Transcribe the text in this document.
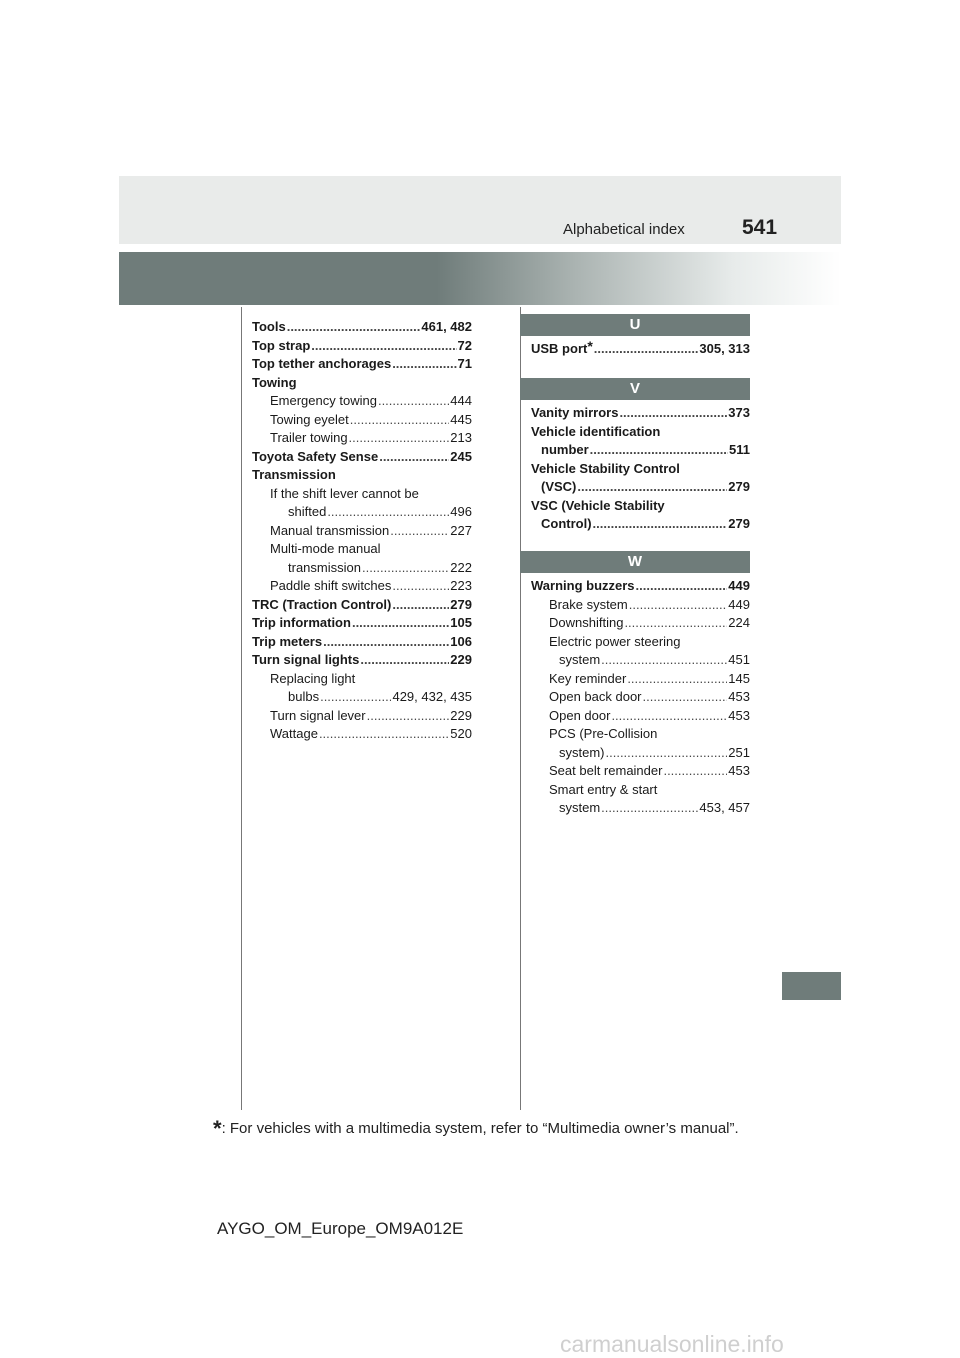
Alphabetical index	541
Tools .....	461, 482
Top strap .....	72
Top tether anchorages .....	71
Towing
Emergency towing .....	444
Towing eyelet .....	445
Trailer towing .....	213
Toyota Safety Sense .....	245
Transmission
If the shift lever cannot be
shifted .....	496
Manual transmission .....	227
Multi-mode manual
transmission .....	222
Paddle shift switches .....	223
TRC (Traction Control) .....	279
Trip information .....	105
Trip meters .....	106
Turn signal lights .....	229
Replacing light
bulbs .....	429, 432, 435
Turn signal lever .....	229
Wattage .....	520
U
USB port* .....	305, 313
V
Vanity mirrors .....	373
Vehicle identification
number .....	511
Vehicle Stability Control
(VSC) .....	279
VSC (Vehicle Stability
Control) .....	279
W
Warning buzzers .....	449
Brake system .....	449
Downshifting .....	224
Electric power steering
system .....	451
Key reminder .....	145
Open back door .....	453
Open door .....	453
PCS (Pre-Collision
system) .....	251
Seat belt remainder .....	453
Smart entry & start
system .....	453, 457
*: For vehicles with a multimedia system, refer to “Multimedia owner’s manual”.
AYGO_OM_Europe_OM9A012E
carmanualsonline.info
